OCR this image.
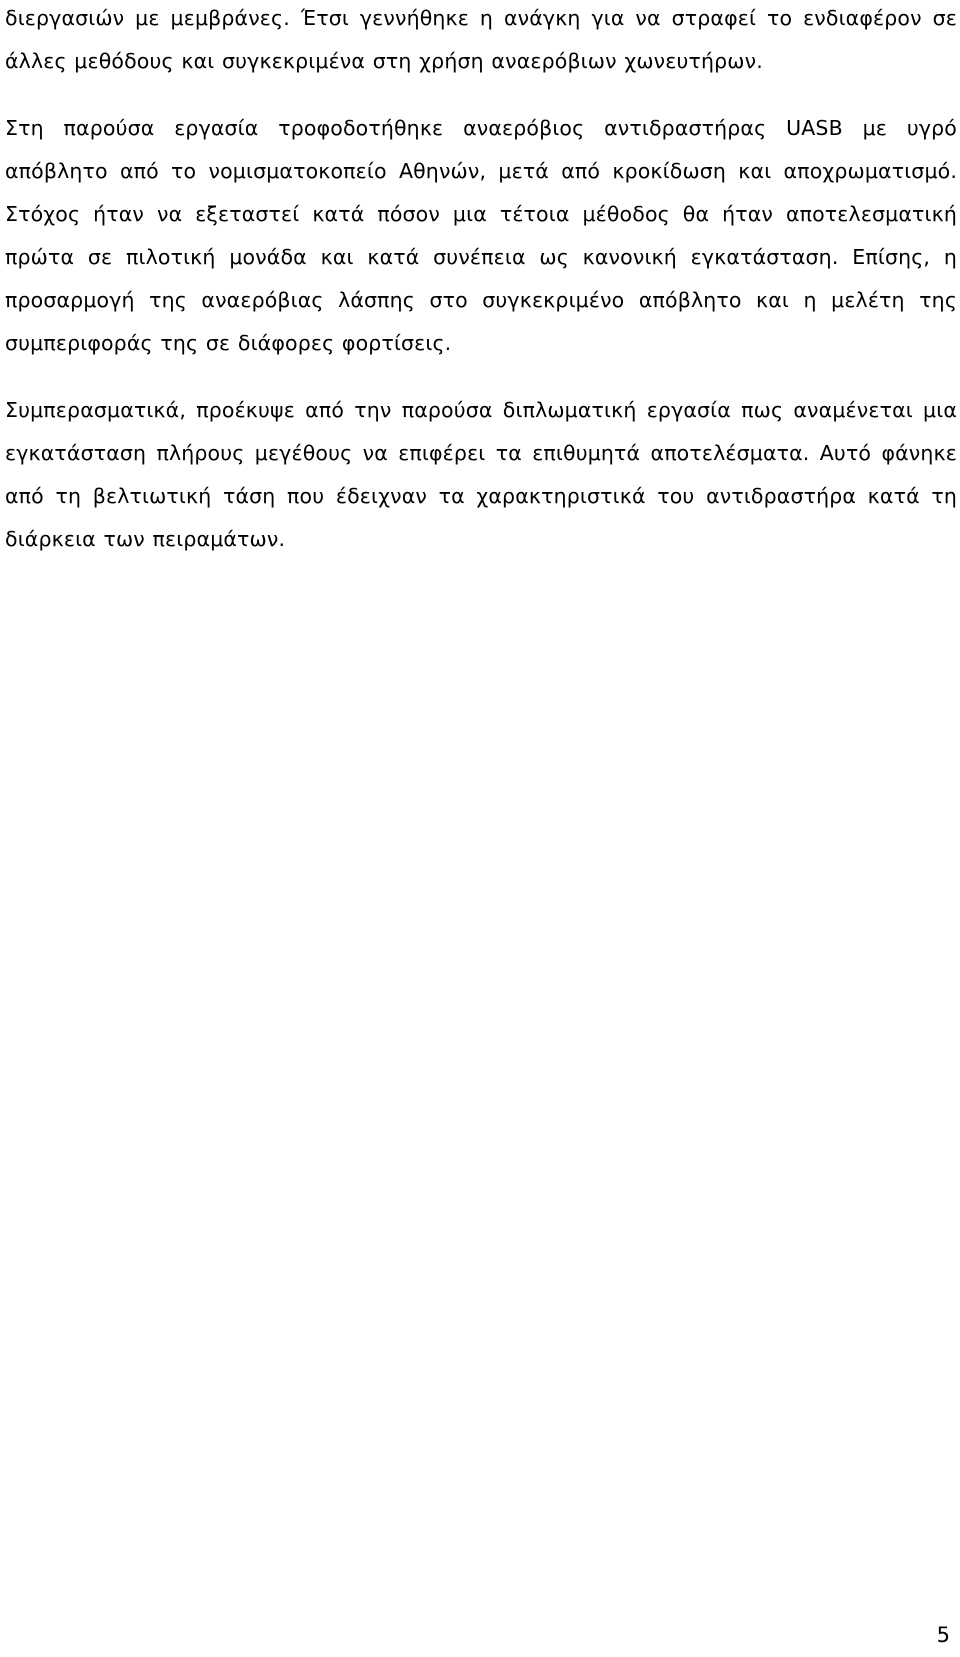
διεργασιών με μεμβράνες. Έτσι γεννήθηκε η ανάγκη για να στραφεί το ενδιαφέρον σε άλλες μεθόδους και συγκεκριμένα στη χρήση αναερόβιων χωνευτήρων.

Στη παρούσα εργασία τροφοδοτήθηκε αναερόβιος αντιδραστήρας UASB με υγρό απόβλητο από το νομισματοκοπείο Αθηνών, μετά από κροκίδωση και αποχρωματισμό. Στόχος ήταν να εξεταστεί κατά πόσον μια τέτοια μέθοδος θα ήταν αποτελεσματική πρώτα σε πιλοτική μονάδα και κατά συνέπεια ως κανονική εγκατάσταση. Επίσης, η προσαρμογή της αναερόβιας λάσπης στο συγκεκριμένο απόβλητο και η μελέτη της συμπεριφοράς της σε διάφορες φορτίσεις.

Συμπερασματικά, προέκυψε από την παρούσα διπλωματική εργασία πως αναμένεται μια εγκατάσταση πλήρους μεγέθους να επιφέρει τα επιθυμητά αποτελέσματα. Αυτό φάνηκε από τη βελτιωτική τάση που έδειχναν τα χαρακτηριστικά του αντιδραστήρα κατά τη διάρκεια των πειραμάτων.

5
